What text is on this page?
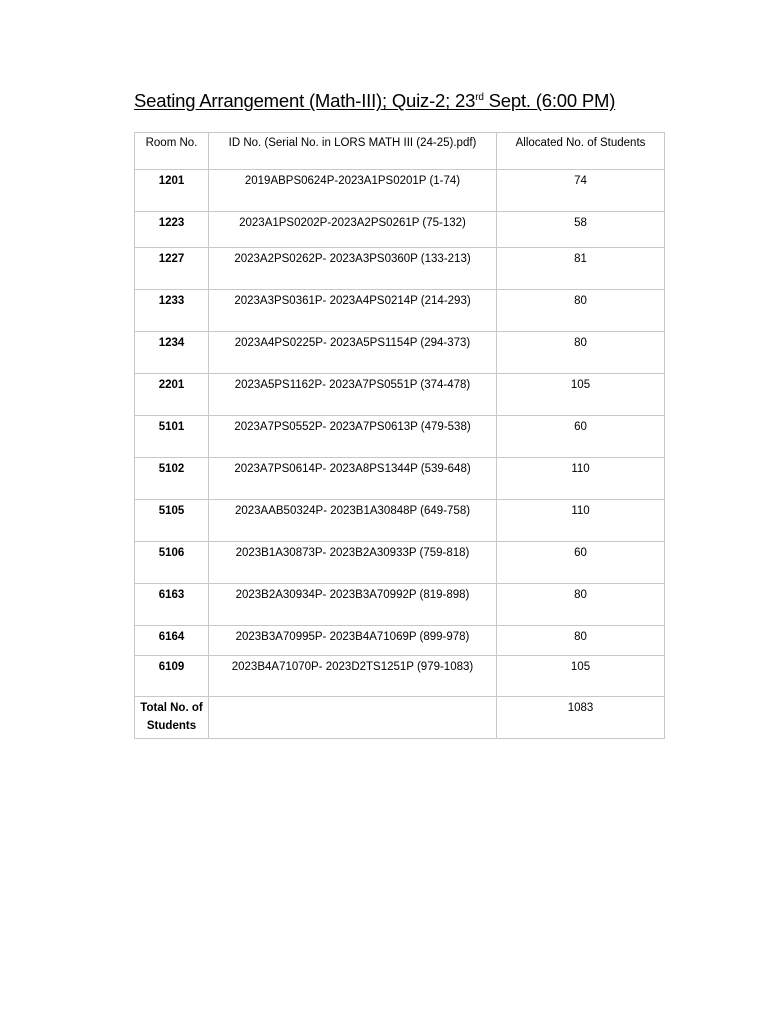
Seating Arrangement (Math-III); Quiz-2; 23rd Sept. (6:00 PM)
Room No.	ID No. (Serial No. in LORS MATH III (24-25).pdf)	Allocated No. of Students
1201	2019ABPS0624P-2023A1PS0201P (1-74)	74
1223	2023A1PS0202P-2023A2PS0261P (75-132)	58
1227	2023A2PS0262P- 2023A3PS0360P (133-213)	81
1233	2023A3PS0361P- 2023A4PS0214P (214-293)	80
1234	2023A4PS0225P- 2023A5PS1154P (294-373)	80
2201	2023A5PS1162P- 2023A7PS0551P (374-478)	105
5101	2023A7PS0552P- 2023A7PS0613P (479-538)	60
5102	2023A7PS0614P- 2023A8PS1344P (539-648)	110
5105	2023AAB50324P- 2023B1A30848P (649-758)	110
5106	2023B1A30873P- 2023B2A30933P (759-818)	60
6163	2023B2A30934P- 2023B3A70992P (819-898)	80
6164	2023B3A70995P- 2023B4A71069P (899-978)	80
6109	2023B4A71070P- 2023D2TS1251P (979-1083)	105
Total No. of Students		1083
